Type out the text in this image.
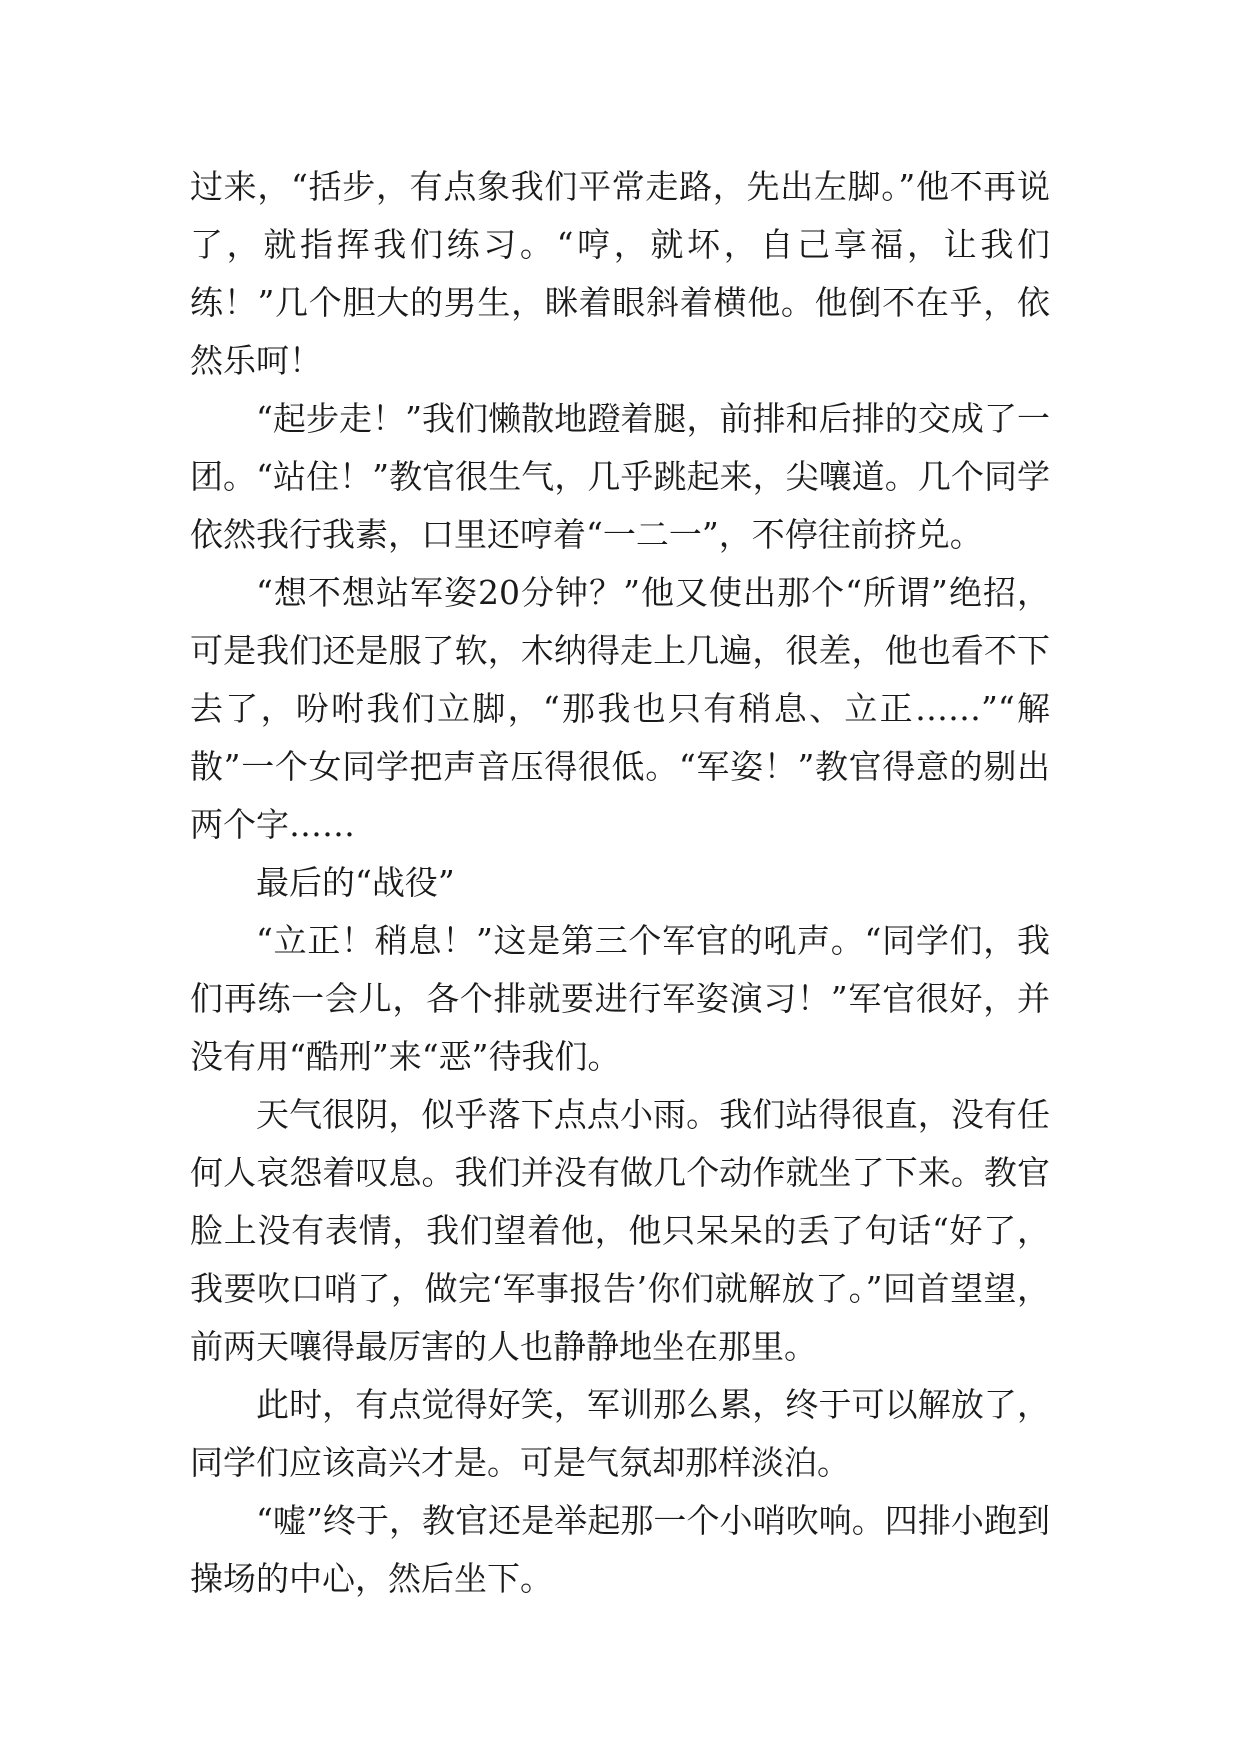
过来，“括步，有点象我们平常走路，先出左脚。”他不再说了，就指挥我们练习。“哼，就坏，自己享福，让我们练！”几个胆大的男生，眯着眼斜着横他。他倒不在乎，依然乐呵！

“起步走！”我们懒散地蹬着腿，前排和后排的交成了一团。“站住！”教官很生气，几乎跳起来，尖嚷道。几个同学依然我行我素，口里还哼着“一二一”，不停往前挤兑。

“想不想站军姿20分钟？”他又使出那个“所谓”绝招，可是我们还是服了软，木纳得走上几遍，很差，他也看不下去了，吩咐我们立脚，“那我也只有稍息、立正……”“解散”一个女同学把声音压得很低。“军姿！”教官得意的剔出两个字……

最后的“战役”

“立正！稍息！”这是第三个军官的吼声。“同学们，我们再练一会儿，各个排就要进行军姿演习！”军官很好，并没有用“酷刑”来“恶”待我们。

天气很阴，似乎落下点点小雨。我们站得很直，没有任何人哀怨着叹息。我们并没有做几个动作就坐了下来。教官脸上没有表情，我们望着他，他只呆呆的丢了句话“好了，我要吹口哨了，做完‘军事报告’你们就解放了。”回首望望，前两天嚷得最厉害的人也静静地坐在那里。

此时，有点觉得好笑，军训那么累，终于可以解放了，同学们应该高兴才是。可是气氛却那样淡泊。

“嘘”终于，教官还是举起那一个小哨吹响。四排小跑到操场的中心，然后坐下。
